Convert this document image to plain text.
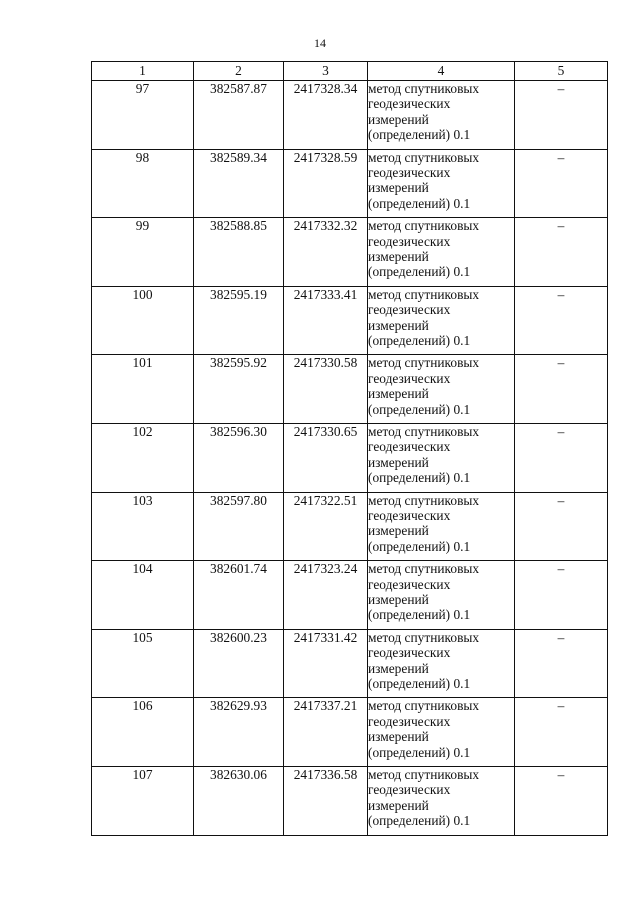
14
1	2	3	4	5
97	382587.87	2417328.34	метод спутниковых
геодезических
измерений
(определений) 0.1	–
98	382589.34	2417328.59	метод спутниковых
геодезических
измерений
(определений) 0.1	–
99	382588.85	2417332.32	метод спутниковых
геодезических
измерений
(определений) 0.1	–
100	382595.19	2417333.41	метод спутниковых
геодезических
измерений
(определений) 0.1	–
101	382595.92	2417330.58	метод спутниковых
геодезических
измерений
(определений) 0.1	–
102	382596.30	2417330.65	метод спутниковых
геодезических
измерений
(определений) 0.1	–
103	382597.80	2417322.51	метод спутниковых
геодезических
измерений
(определений) 0.1	–
104	382601.74	2417323.24	метод спутниковых
геодезических
измерений
(определений) 0.1	–
105	382600.23	2417331.42	метод спутниковых
геодезических
измерений
(определений) 0.1	–
106	382629.93	2417337.21	метод спутниковых
геодезических
измерений
(определений) 0.1	–
107	382630.06	2417336.58	метод спутниковых
геодезических
измерений
(определений) 0.1	–
